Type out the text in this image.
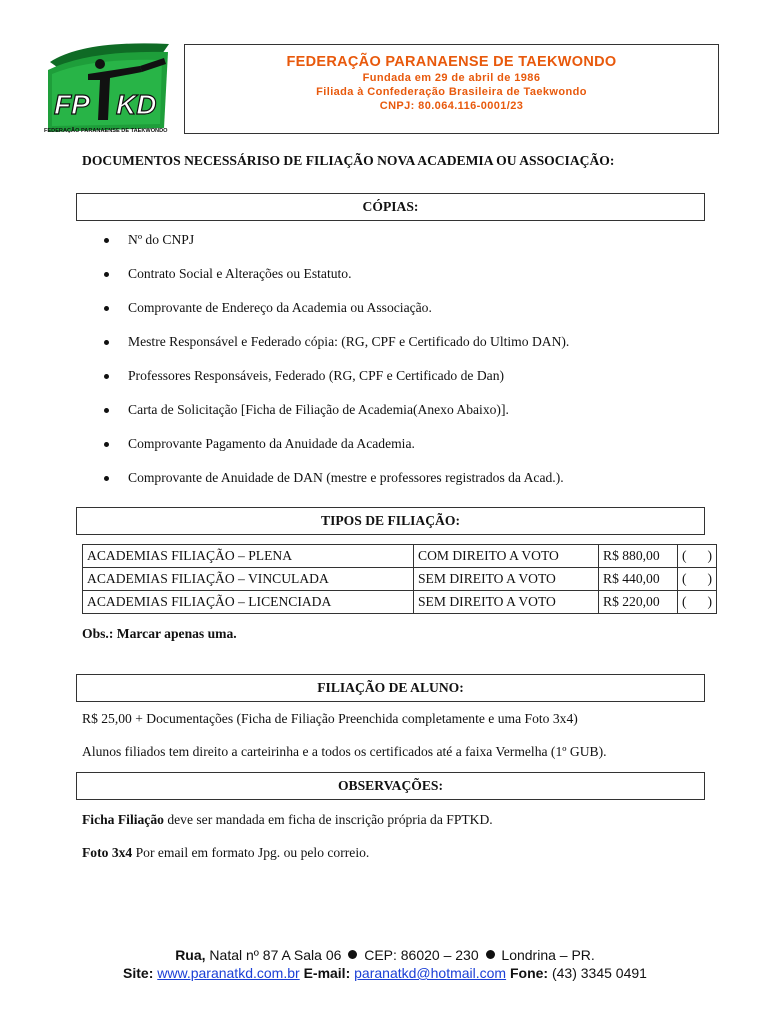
FP KD
FEDERAÇÃO PARANAENSE DE TAEKWONDO
FEDERAÇÃO PARANAENSE DE TAEKWONDO
Fundada em 29 de abril de 1986
Filiada à Confederação Brasileira de Taekwondo
CNPJ: 80.064.116-0001/23
DOCUMENTOS NECESSÁRISO DE FILIAÇÃO NOVA ACADEMIA OU ASSOCIAÇÃO:
CÓPIAS:
Nº do CNPJ
Contrato Social e Alterações ou Estatuto.
Comprovante de Endereço da Academia ou Associação.
Mestre Responsável e Federado cópia: (RG, CPF e Certificado do Ultimo DAN).
Professores Responsáveis, Federado (RG, CPF e Certificado de Dan)
Carta de Solicitação [Ficha de Filiação de Academia(Anexo Abaixo)].
Comprovante Pagamento da Anuidade da Academia.
Comprovante de Anuidade de DAN (mestre e professores registrados da Acad.).
TIPOS DE FILIAÇÃO:
ACADEMIAS FILIAÇÃO – PLENA	COM DIREITO A VOTO	R$ 880,00	( )

ACADEMIAS FILIAÇÃO – VINCULADA	SEM DIREITO A VOTO	R$ 440,00	( )

ACADEMIAS FILIAÇÃO – LICENCIADA	SEM DIREITO A VOTO	R$ 220,00	( )
Obs.: Marcar apenas uma.
FILIAÇÃO DE ALUNO:
R$ 25,00 + Documentações (Ficha de Filiação Preenchida completamente e uma Foto 3x4)
Alunos filiados tem direito a carteirinha e a todos os certificados até a faixa Vermelha (1º GUB).
OBSERVAÇÕES:
Ficha Filiação deve ser mandada em ficha de inscrição própria da FPTKD.
Foto 3x4 Por email em formato Jpg. ou pelo correio.
Rua, Natal nº 87 A Sala 06  CEP: 86020 – 230  Londrina – PR.
Site: www.paranatkd.com.br E-mail: paranatkd@hotmail.com Fone: (43) 3345 0491
